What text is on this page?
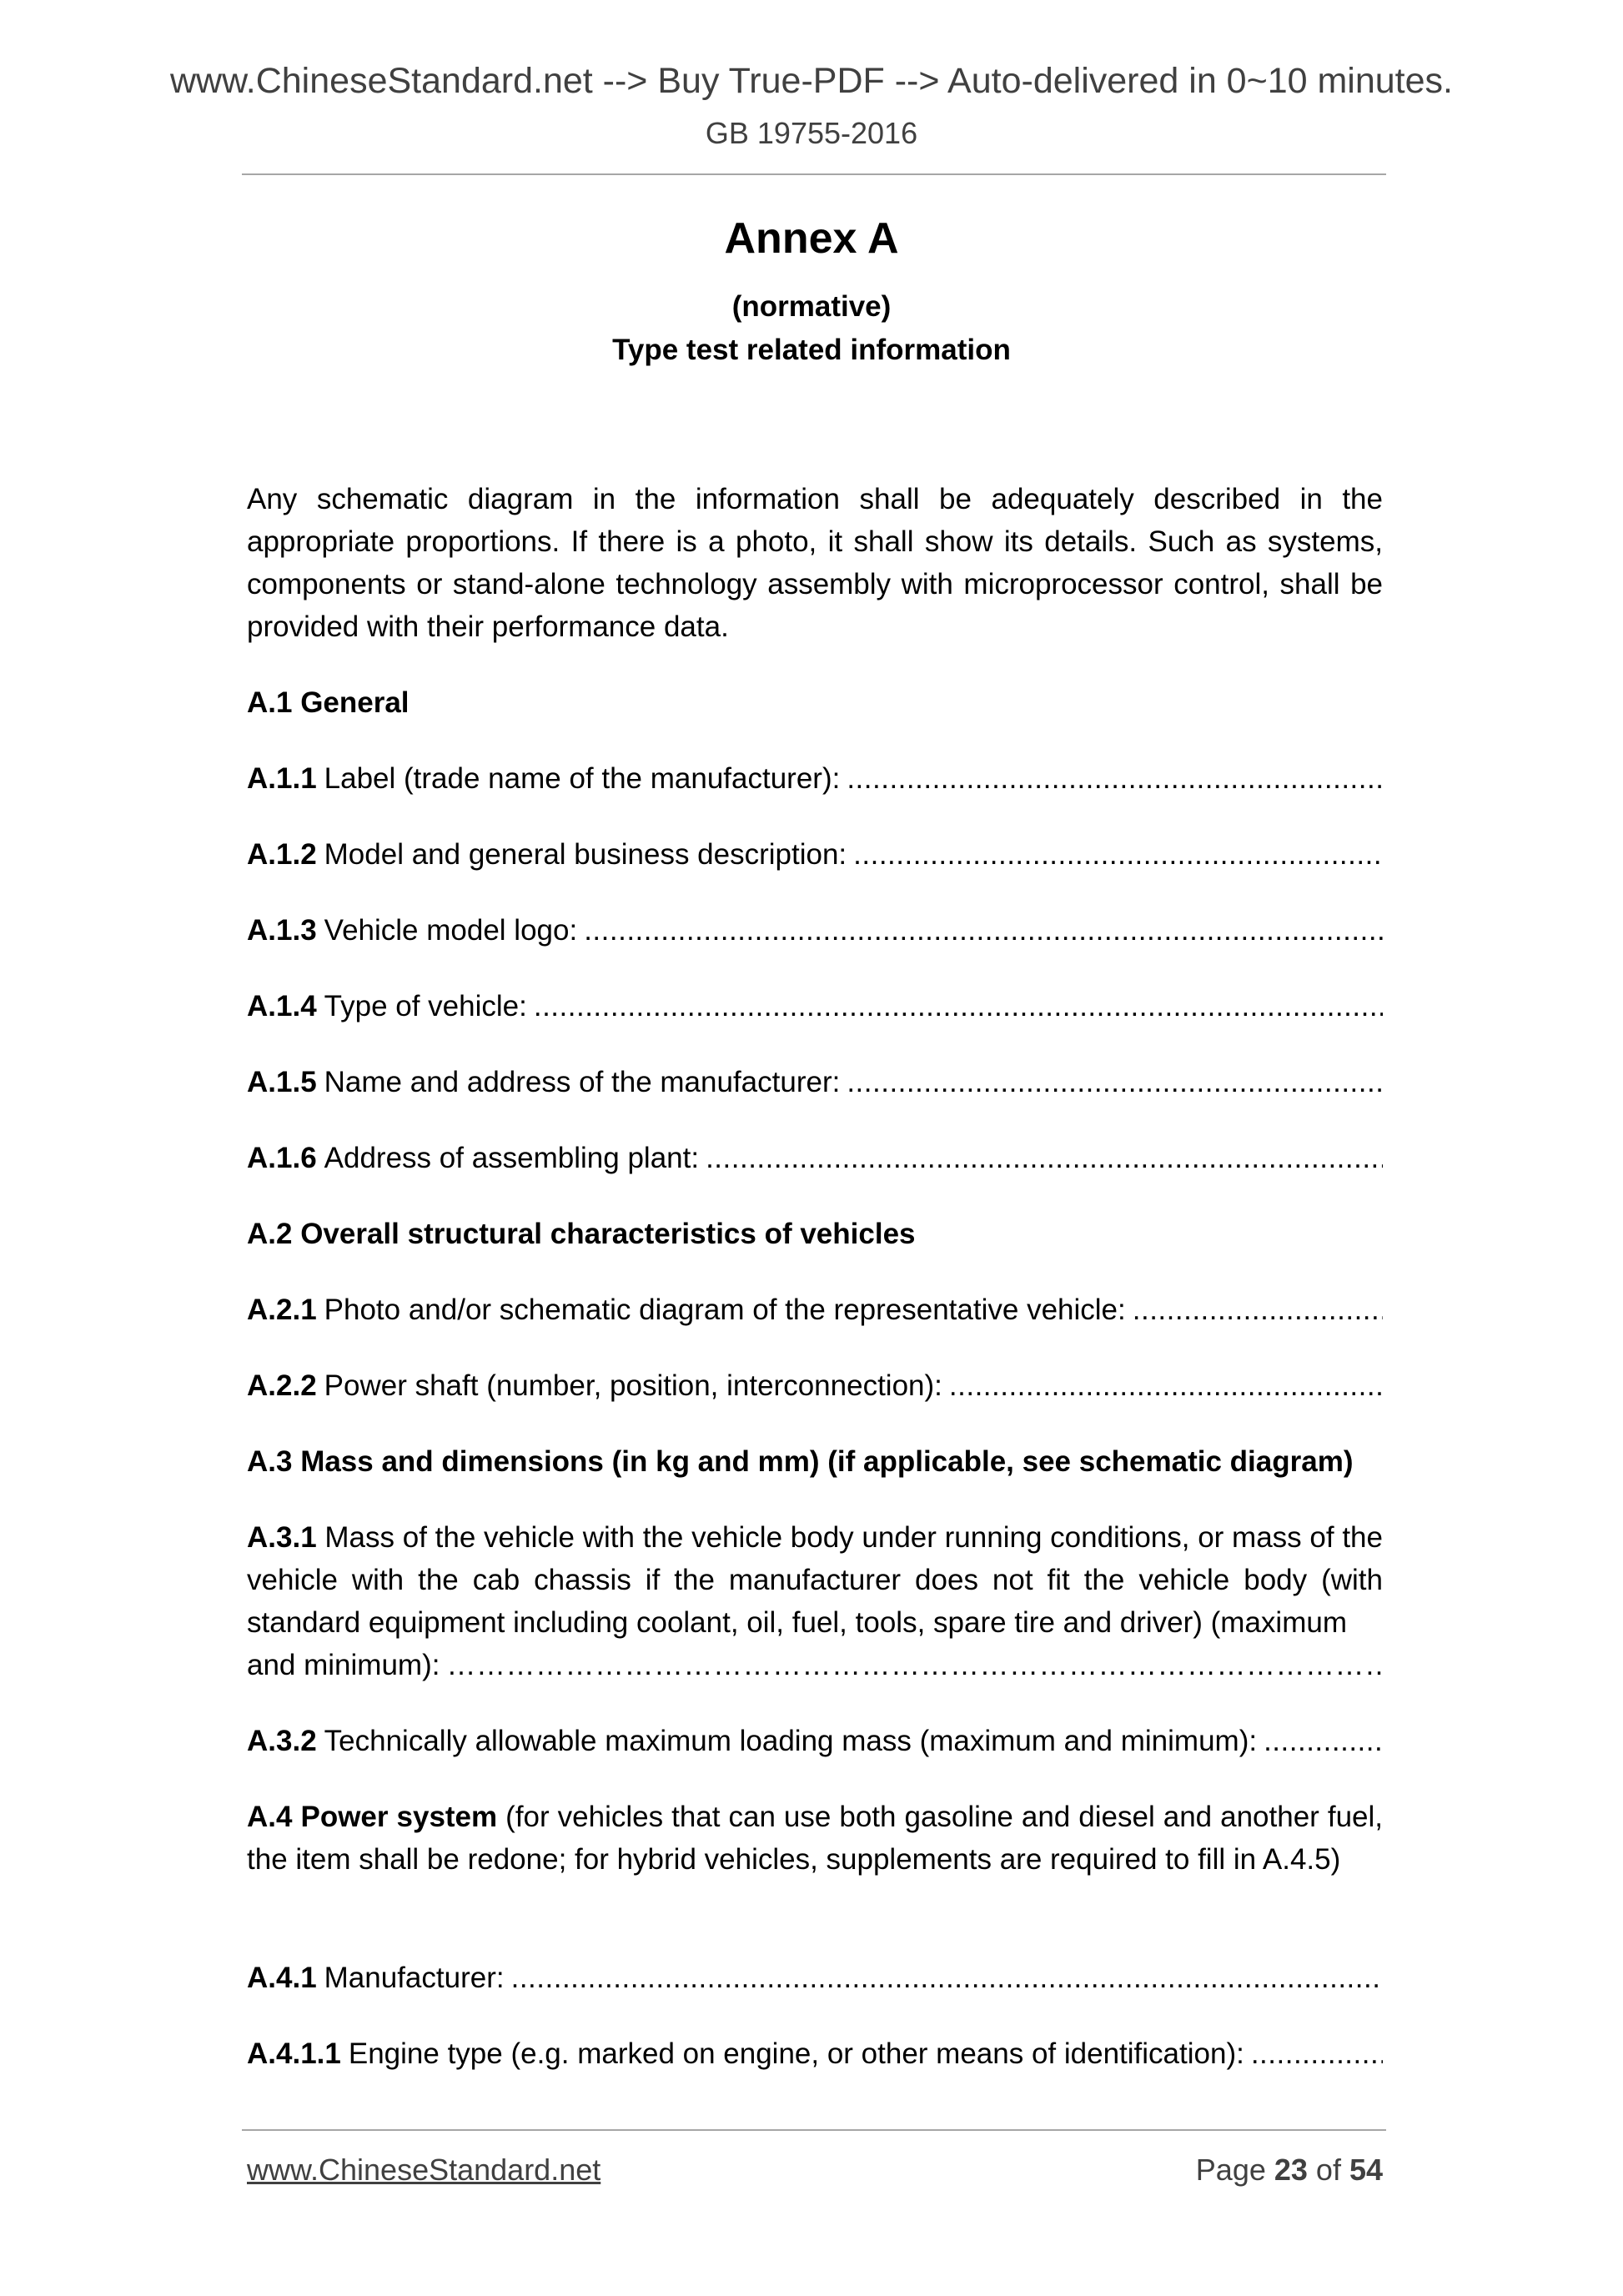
www.ChineseStandard.net --> Buy True-PDF --> Auto-delivered in 0~10 minutes.
GB 19755-2016
Annex A
(normative)
Type test related information
Any schematic diagram in the information shall be adequately described in the appropriate proportions. If there is a photo, it shall show its details. Such as systems, components or stand-alone technology assembly with microprocessor control, shall be provided with their performance data.
A.1 General
A.1.1 Label (trade name of the manufacturer):
.....
A.1.2 Model and general business description:
.....
A.1.3 Vehicle model logo:
.....
A.1.4 Type of vehicle:
.....
A.1.5 Name and address of the manufacturer:
.....
A.1.6 Address of assembling plant:
.....
A.2 Overall structural characteristics of vehicles
A.2.1 Photo and/or schematic diagram of the representative vehicle:
.....
A.2.2 Power shaft (number, position, interconnection):
.....
A.3 Mass and dimensions (in kg and mm) (if applicable, see schematic diagram)
A.3.1 Mass of the vehicle with the vehicle body under running conditions, or mass of the vehicle with the cab chassis if the manufacturer does not fit the vehicle body (with standard equipment including coolant, oil, fuel, tools, spare tire and driver) (maximum
and minimum):
…………………………………………………………………………………………………………………………………………………………
A.3.2 Technically allowable maximum loading mass (maximum and minimum):
.....
A.4 Power system (for vehicles that can use both gasoline and diesel and another fuel, the item shall be redone; for hybrid vehicles, supplements are required to fill in A.4.5)
A.4.1 Manufacturer:
.....
A.4.1.1 Engine type (e.g. marked on engine, or other means of identification):
.....
www.ChineseStandard.net	Page 23 of 54
